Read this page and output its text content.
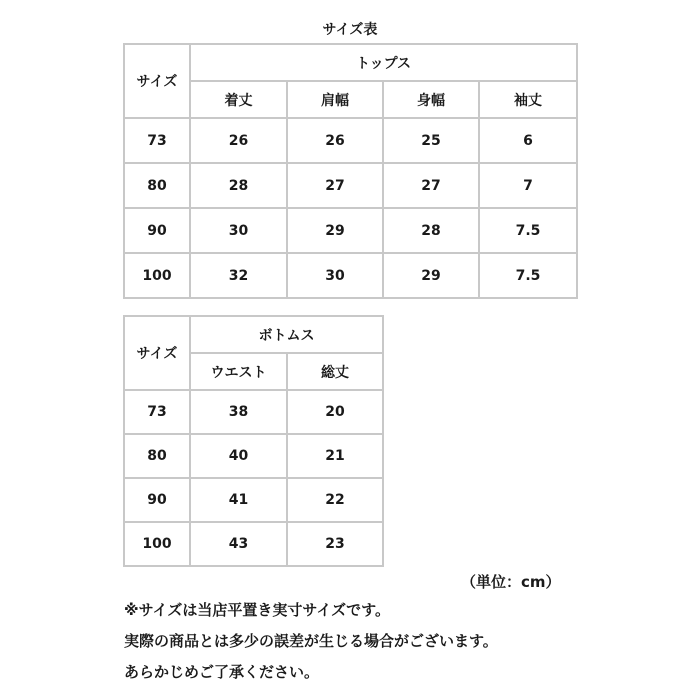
サイズ表
サイズ	トップス			
	着丈	肩幅	身幅	袖丈
73	26	26	25	6
80	28	27	27	7
90	30	29	28	7.5
100	32	30	29	7.5
サイズ	ボトムス	
	ウエスト	総丈
73	38	20
80	40	21
90	41	22
100	43	23
（単位：cm）
※サイズは当店平置き実寸サイズです。
実際の商品とは多少の誤差が生じる場合がございます。
あらかじめご了承ください。
